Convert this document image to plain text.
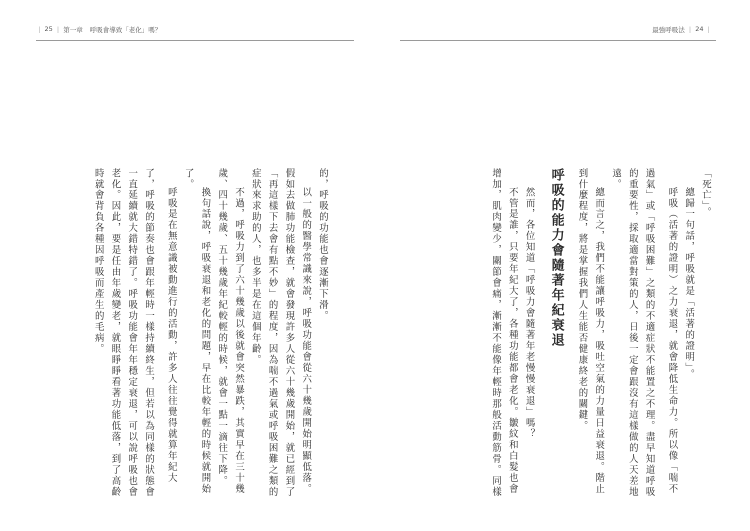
｜ 25 ｜ 第一章 呼吸會導致「老化」嗎？	最強呼吸法 ｜ 24 ｜

「死亡」。

總歸一句話，呼吸就是「活著的證明」。

呼吸（活著的證明）之力衰退，就會降低生命力。所以像「喘不

過氣」或「呼吸困難」之類的不適症狀不能置之不理。盡早知道呼吸

的重要性，採取適當對策的人，日後一定會跟沒有這樣做的人天差地

遠。

總而言之，我們不能讓呼吸力，吸吐空氣的力量日益衰退。階止

到什麼程度，將是掌握我們人生能否健康終老的關鍵。

呼吸的能力會隨著年紀衰退

然而，各位知道「呼吸力會隨著年老慢慢衰退」嗎？

不管是誰，只要年紀大了，各種功能都會老化。皺紋和白髮也會

增加，肌肉變少，關節會痛，漸漸不能像年輕時那般活動筋骨。同樣

的，呼吸的功能也會逐漸下滑。

以一般的醫學常識來說，呼吸功能會從六十幾歲開始明顯低落。

假如去做肺功能檢查，就會發現許多人從六十幾歲開始，就已經到了

「再這樣下去會有點不妙」的程度，因為喘不過氣或呼吸困難之類的

症狀來求助的人，也多半是在這個年齡。

不過，呼吸力到了六十幾歲以後就會突然暴跌，其實早在三十幾

歲、四十幾歲、五十幾歲年紀較輕的時候，就會一點一滴往下降。

換句話說，呼吸衰退和老化的問題，早在比較年輕的時候就開始

了。

呼吸是在無意識被動進行的活動，許多人往往覺得就算年紀大

了，呼吸的節奏也會跟年輕時一樣持續終生，但若以為同樣的狀態會

一直延續就大錯特錯了。呼吸功能會年年穩定衰退，可以說呼吸也會

老化。因此，要是任由年歲變老，就眼睜睜看著功能低落，到了高齡

時就會背負各種因呼吸而產生的毛病。
